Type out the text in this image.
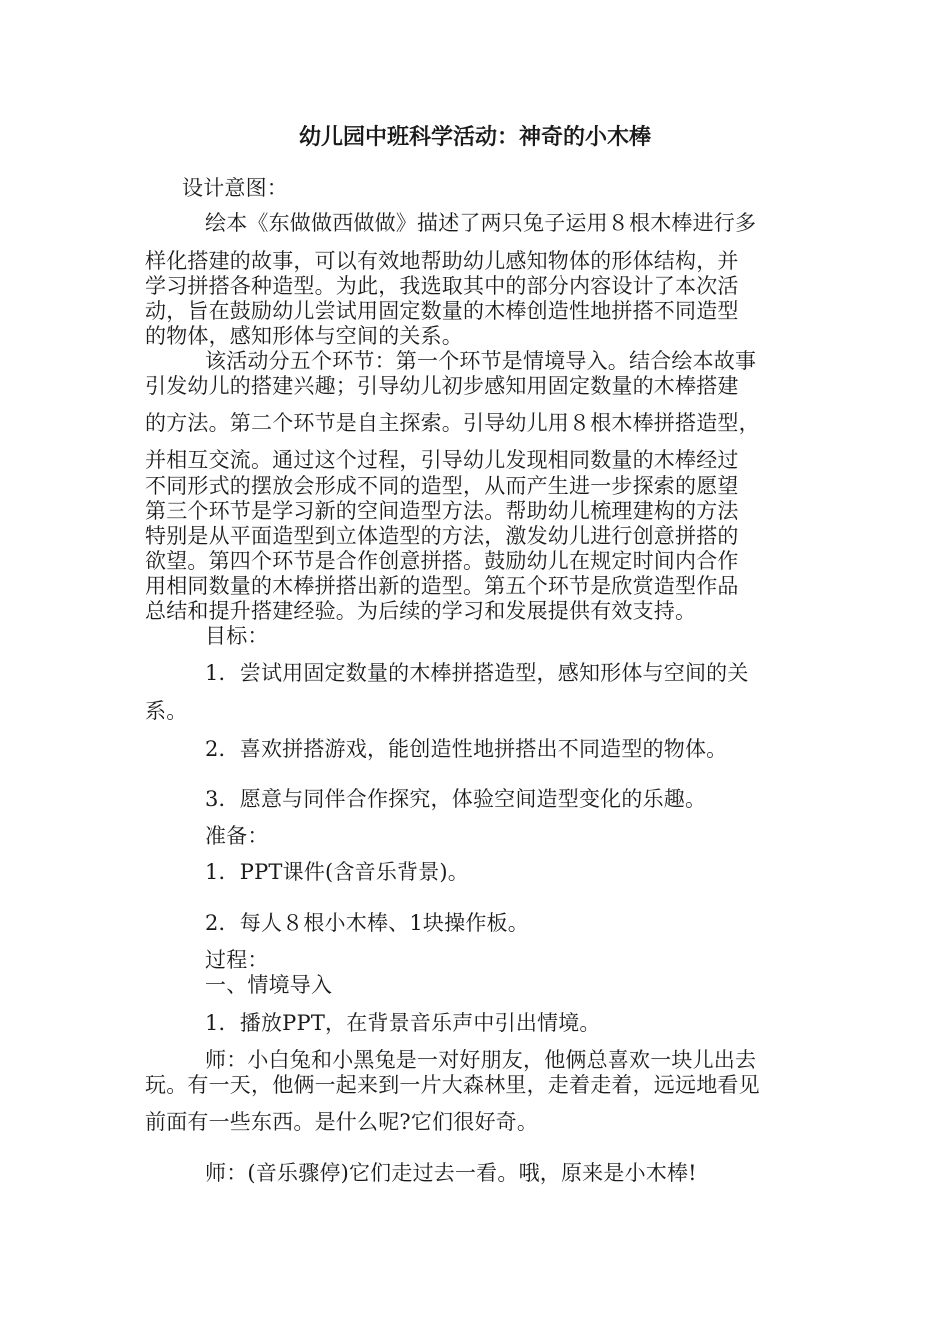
幼儿园中班科学活动：神奇的小木棒
设计意图：
绘本《东做做西做做》描述了两只兔子运用８根木棒进行多
样化搭建的故事，可以有效地帮助幼儿感知物体的形体结构，并
学习拼搭各种造型。为此，我选取其中的部分内容设计了本次活
动，旨在鼓励幼儿尝试用固定数量的木棒创造性地拼搭不同造型
的物体，感知形体与空间的关系。
该活动分五个环节：第一个环节是情境导入。结合绘本故事
引发幼儿的搭建兴趣；引导幼儿初步感知用固定数量的木棒搭建
的方法。第二个环节是自主探索。引导幼儿用８根木棒拼搭造型，
并相互交流。通过这个过程，引导幼儿发现相同数量的木棒经过
不同形式的摆放会形成不同的造型，从而产生进一步探索的愿望
第三个环节是学习新的空间造型方法。帮助幼儿梳理建构的方法
特别是从平面造型到立体造型的方法，激发幼儿进行创意拼搭的
欲望。第四个环节是合作创意拼搭。鼓励幼儿在规定时间内合作
用相同数量的木棒拼搭出新的造型。第五个环节是欣赏造型作品
总结和提升搭建经验。为后续的学习和发展提供有效支持。
目标：
1．尝试用固定数量的木棒拼搭造型，感知形体与空间的关
系。
2．喜欢拼搭游戏，能创造性地拼搭出不同造型的物体。
3．愿意与同伴合作探究，体验空间造型变化的乐趣。
准备：
1．PPT课件(含音乐背景)。
2．每人８根小木棒、1块操作板。
过程：
一、情境导入
1．播放PPT，在背景音乐声中引出情境。
师：小白兔和小黑兔是一对好朋友，他俩总喜欢一块儿出去
玩。有一天，他俩一起来到一片大森林里，走着走着，远远地看见
前面有一些东西。是什么呢?它们很好奇。
师：(音乐骤停)它们走过去一看。哦，原来是小木棒!
